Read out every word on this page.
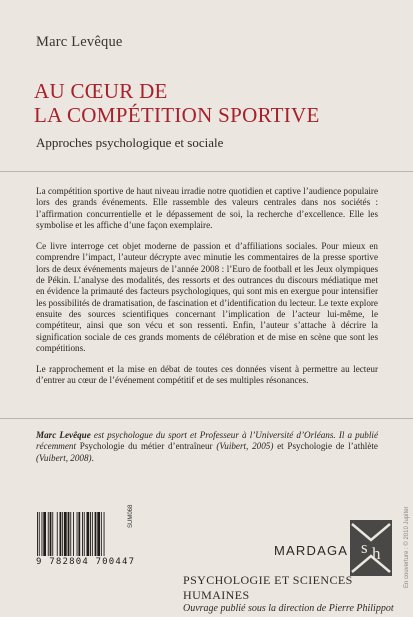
Marc Levêque
AU CŒUR DE
LA COMPÉTITION SPORTIVE
Approches psychologique et sociale

La compétition sportive de haut niveau irradie notre quotidien et captive l’audience populaire lors des grands événements. Elle rassemble des valeurs centrales dans nos sociétés : l’affirmation concurrentielle et le dépassement de soi, la recherche d’excellence. Elle les symbolise et les affiche d’une façon exemplaire.

Ce livre interroge cet objet moderne de passion et d’affiliations sociales. Pour mieux en comprendre l’impact, l’auteur décrypte avec minutie les commentaires de la presse sportive lors de deux événements majeurs de l’année 2008 : l’Euro de football et les Jeux olympiques de Pékin. L’analyse des modalités, des ressorts et des outrances du discours médiatique met en évidence la primauté des facteurs psychologiques, qui sont mis en exergue pour intensifier les possibilités de dramatisation, de fascination et d’identification du lecteur. Le texte explore ensuite des sources scientifiques concernant l’implication de l’acteur lui-même, le compétiteur, ainsi que son vécu et son ressenti. Enfin, l’auteur s’attache à décrire la signification sociale de ces grands moments de célébration et de mise en scène que sont les compétitions.

Le rapprochement et la mise en débat de toutes ces données visent à permettre au lecteur d’entrer au cœur de l’événement compétitif et de ses multiples résonances.

Marc Levêque est psychologue du sport et Professeur à l’Université d’Orléans. Il a publié récemment Psychologie du métier d’entraîneur (Vuibert, 2005) et Psychologie de l’athlète (Vuibert, 2008).
9 782804 700447
SUM068
MARDAGA s h
PSYCHOLOGIE ET SCIENCES HUMAINES
Ouvrage publié sous la direction de Pierre Philippot
En couverture : © 2010 Jupiter
